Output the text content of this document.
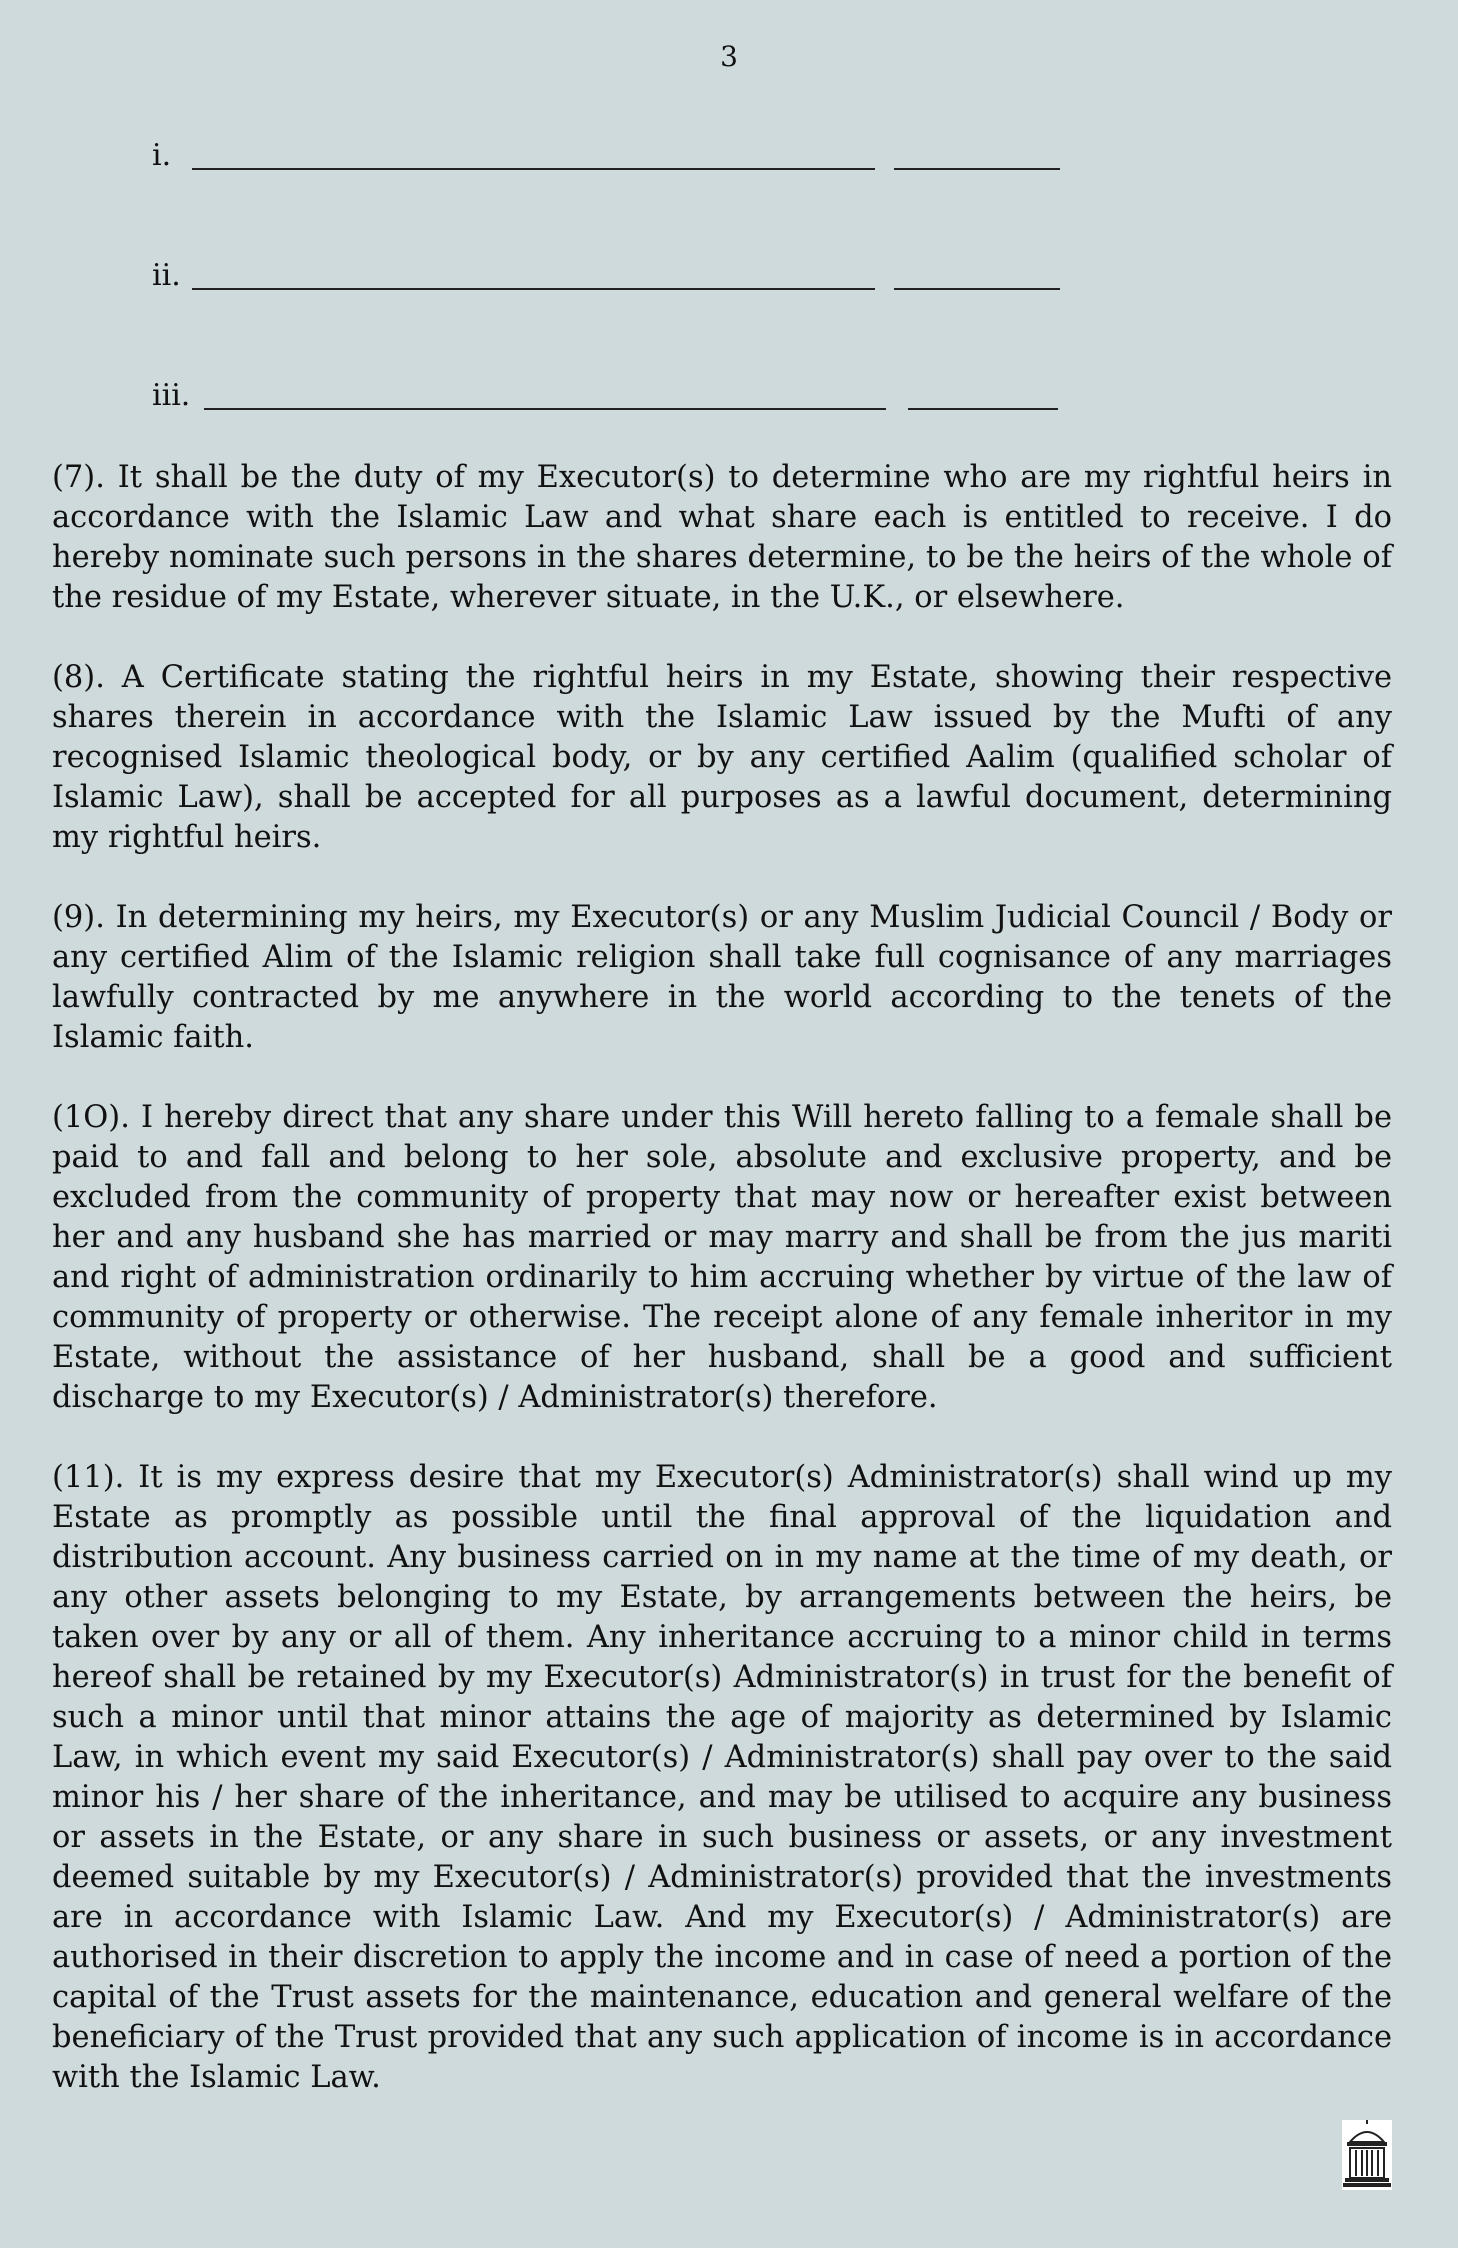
3
i.
ii.
iii.

(7). It shall be the duty of my Executor(s) to determine who are my rightful heirs in accordance with the Islamic Law and what share each is entitled to receive. I do hereby nominate such persons in the shares determine, to be the heirs of the whole of the residue of my Estate, wherever situate, in the U.K., or elsewhere.

(8). A Certificate stating the rightful heirs in my Estate, showing their respective shares therein in accordance with the Islamic Law issued by the Mufti of any recognised Islamic theological body, or by any certified Aalim (qualified scholar of Islamic Law), shall be accepted for all purposes as a lawful document, determining my rightful heirs.

(9). In determining my heirs, my Executor(s) or any Muslim Judicial Council / Body or any certified Alim of the Islamic religion shall take full cognisance of any marriages lawfully contracted by me anywhere in the world according to the tenets of the Islamic faith.

(1O). I hereby direct that any share under this Will hereto falling to a female shall be paid to and fall and belong to her sole, absolute and exclusive property, and be excluded from the community of property that may now or hereafter exist between her and any husband she has married or may marry and shall be from the jus mariti and right of administration ordinarily to him accruing whether by virtue of the law of community of property or otherwise. The receipt alone of any female inheritor in my Estate, without the assistance of her husband, shall be a good and sufficient discharge to my Executor(s) / Administrator(s) therefore.

(11). It is my express desire that my Executor(s) Administrator(s) shall wind up my Estate as promptly as possible until the final approval of the liquidation and distribution account. Any business carried on in my name at the time of my death, or any other assets belonging to my Estate, by arrangements between the heirs, be taken over by any or all of them. Any inheritance accruing to a minor child in terms hereof shall be retained by my Executor(s) Administrator(s) in trust for the benefit of such a minor until that minor attains the age of majority as determined by Islamic Law, in which event my said Executor(s) / Administrator(s) shall pay over to the said minor his / her share of the inheritance, and may be utilised to acquire any business or assets in the Estate, or any share in such business or assets, or any investment deemed suitable by my Executor(s) / Administrator(s) provided that the investments are in accordance with Islamic Law. And my Executor(s) / Administrator(s) are authorised in their discretion to apply the income and in case of need a portion of the capital of the Trust assets for the maintenance, education and general welfare of the beneficiary of the Trust provided that any such application of income is in accordance with the Islamic Law.
